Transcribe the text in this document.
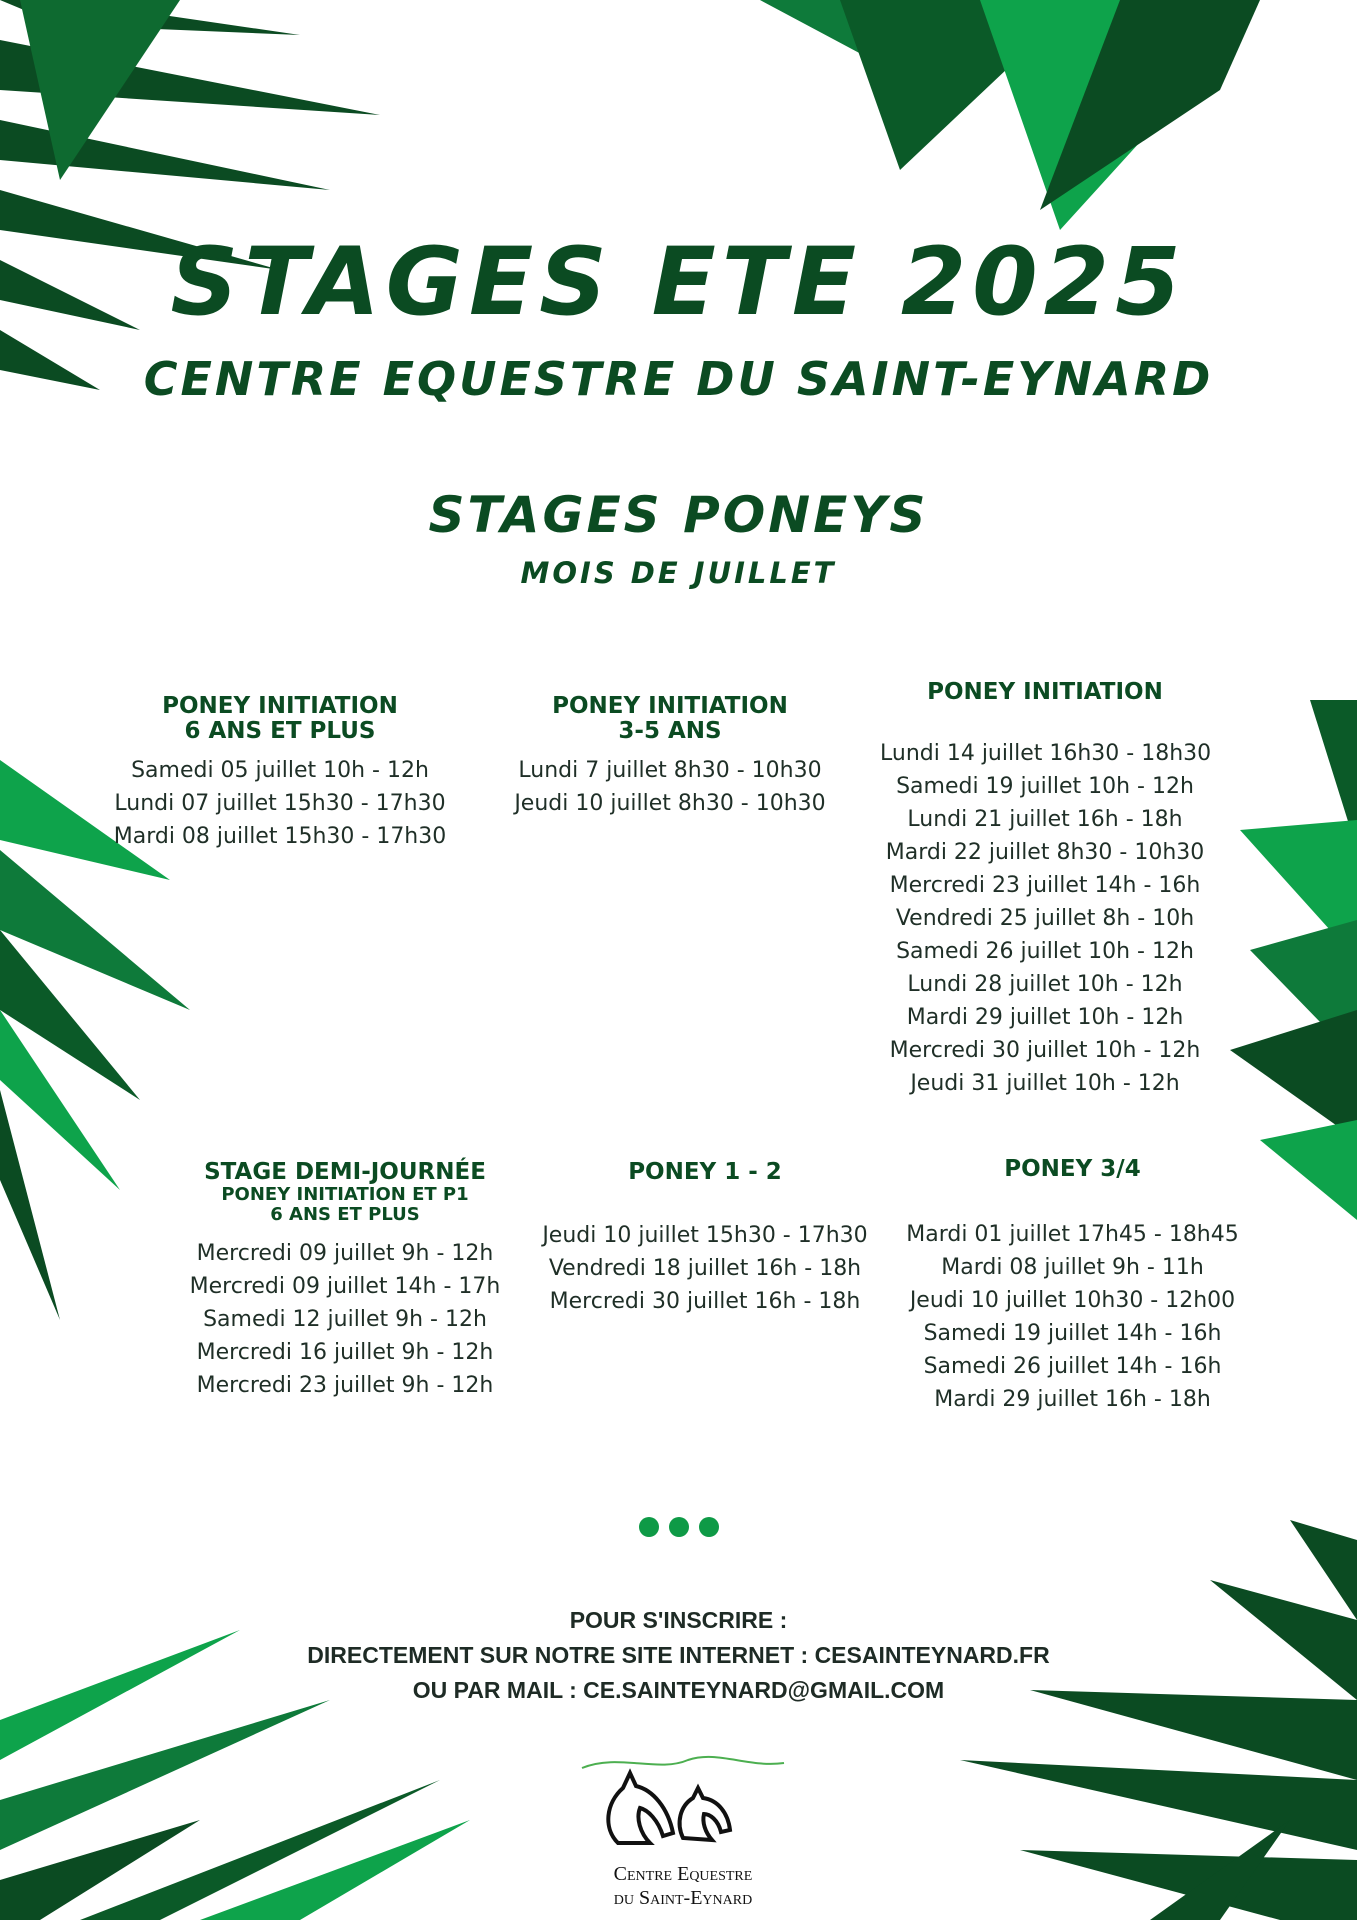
STAGES ETE 2025
CENTRE EQUESTRE DU SAINT-EYNARD
STAGES PONEYS
MOIS DE JUILLET
PONEY INITIATION
6 ANS ET PLUS
Samedi 05 juillet 10h - 12h
Lundi 07 juillet 15h30 - 17h30
Mardi 08 juillet 15h30 - 17h30
PONEY INITIATION
3-5 ANS
Lundi 7 juillet 8h30 - 10h30
Jeudi 10 juillet 8h30 - 10h30
PONEY INITIATION
Lundi 14 juillet 16h30 - 18h30
Samedi 19 juillet 10h - 12h
Lundi 21 juillet 16h - 18h
Mardi 22 juillet 8h30 - 10h30
Mercredi 23 juillet 14h - 16h
Vendredi 25 juillet 8h - 10h
Samedi 26 juillet 10h - 12h
Lundi 28 juillet 10h - 12h
Mardi 29 juillet 10h - 12h
Mercredi 30 juillet 10h - 12h
Jeudi 31 juillet 10h - 12h
STAGE DEMI-JOURNÉE
PONEY INITIATION ET P1
6 ANS ET PLUS
Mercredi 09 juillet 9h - 12h
Mercredi 09 juillet 14h - 17h
Samedi 12 juillet 9h - 12h
Mercredi 16 juillet 9h - 12h
Mercredi 23 juillet 9h - 12h
PONEY 1 - 2
Jeudi 10 juillet 15h30 - 17h30
Vendredi 18 juillet 16h - 18h
Mercredi 30 juillet 16h - 18h
PONEY 3/4
Mardi 01 juillet 17h45 - 18h45
Mardi 08 juillet 9h - 11h
Jeudi 10 juillet 10h30 - 12h00
Samedi 19 juillet 14h - 16h
Samedi 26 juillet 14h - 16h
Mardi 29 juillet 16h - 18h
POUR S'INSCRIRE :
DIRECTEMENT SUR NOTRE SITE INTERNET : CESAINTEYNARD.FR
OU PAR MAIL : CE.SAINTEYNARD@GMAIL.COM
Centre Equestre
du Saint-Eynard
